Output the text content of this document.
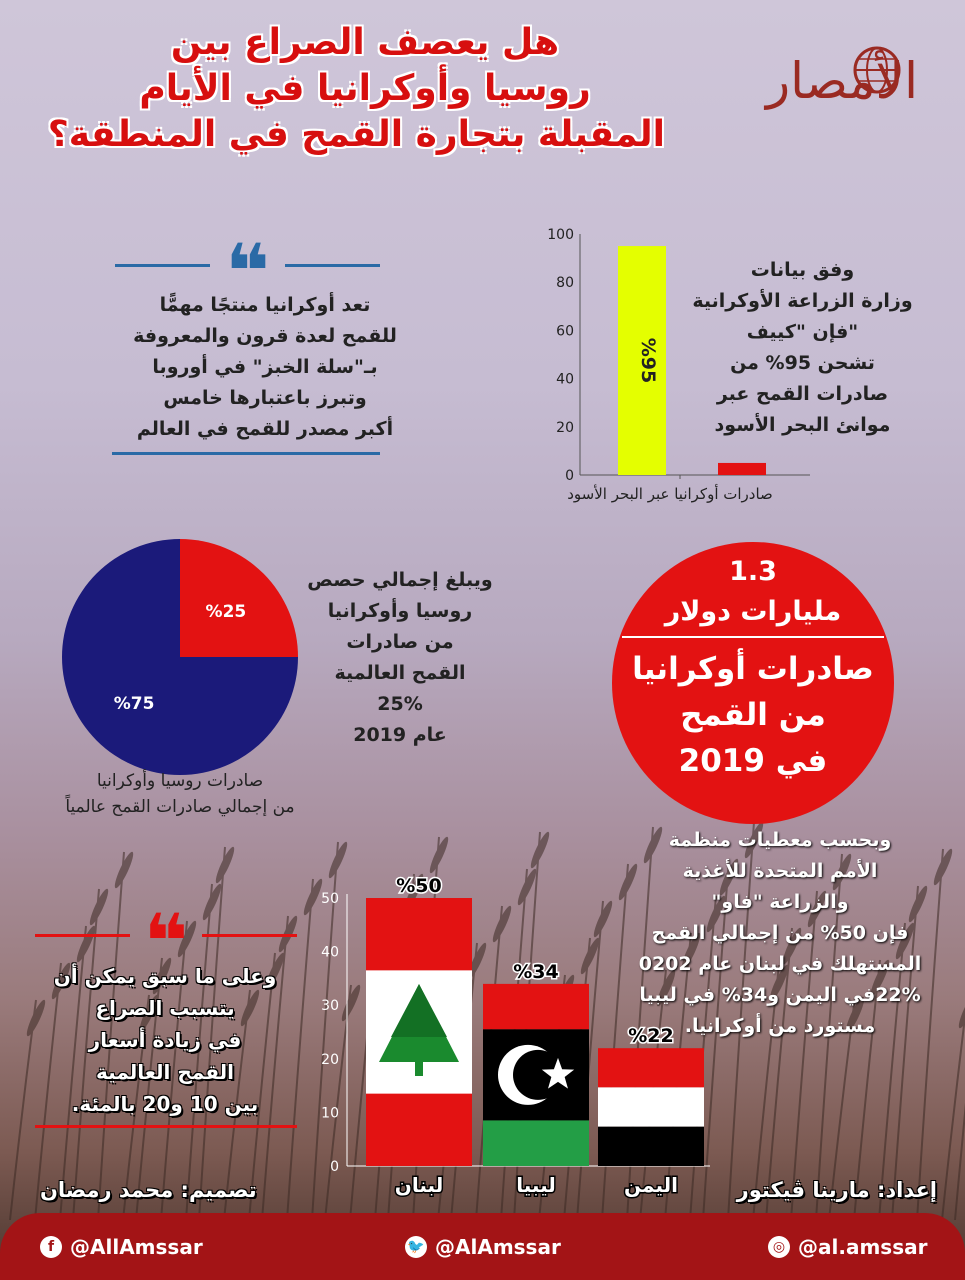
هل يعصف الصراع بين
روسيا وأوكرانيا في الأيام
المقبلة بتجارة القمح في المنطقة؟
الأمصار
❝
تعد أوكرانيا منتجًا مهمًّا
للقمح لعدة قرون والمعروفة
بـ"سلة الخبز" في أوروبا
وتبرز باعتبارها خامس
أكبر مصدر للقمح في العالم
0
20
40
60
80
100
%95
صادرات أوكرانيا عبر البحر الأسود
وفق بيانات
وزارة الزراعة الأوكرانية
"فإن "كييف
تشحن 95% من
صادرات القمح عبر
موانئ البحر الأسود
%25
%75
ويبلغ إجمالي حصص
روسيا وأوكرانيا
من صادرات
القمح العالمية
25%
عام 2019
صادرات روسيا وأوكرانيا
من إجمالي صادرات القمح عالمياً
1.3
مليارات دولار
صادرات أوكرانيا
من القمح
في 2019
وبحسب معطيات منظمة
الأمم المتحدة للأغذية
والزراعة "فاو"
فإن 50% من إجمالي القمح
المستهلك في لبنان عام 0202
22%في اليمن و34% في ليبيا
مستورد من أوكرانيا.
❝
وعلى ما سبق يمكن أن
يتسبب الصراع
في زيادة أسعار
القمح العالمية
بين 10 و20 بالمئة.
0
10
20
30
40
50
%50
لبنان
%34
ليبيا
%22
اليمن
تصميم: محمد رمضان	إعداد: مارينا ڤيكتور
f @AllAmssar	🐦 @AlAmssar	◎ @al.amssar
